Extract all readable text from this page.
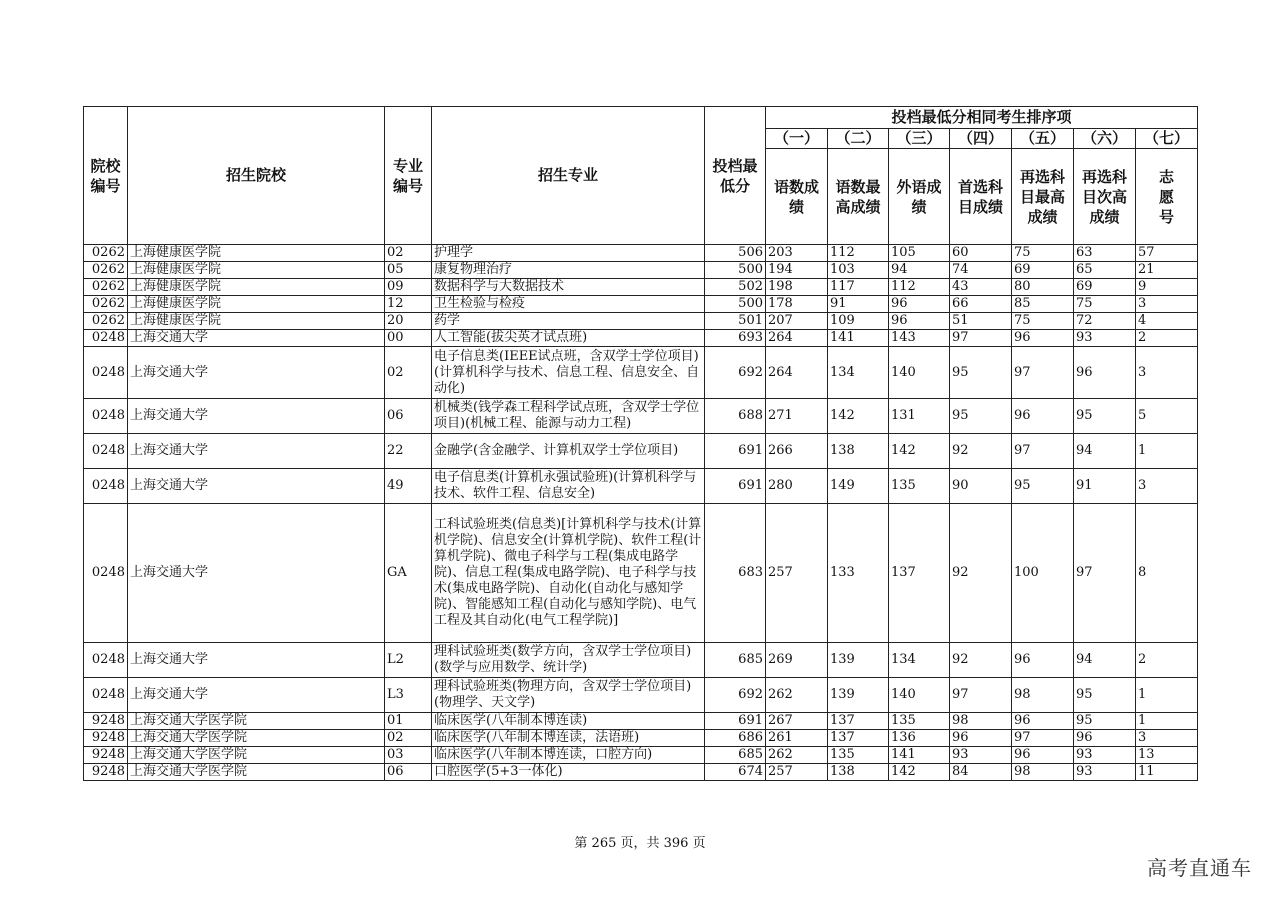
院校编号	招生院校	专业编号	招生专业	投档最低分	投档最低分相同考生排序项						
					（一）	（二）	（三）	（四）	（五）	（六）	（七）
					语数成绩	语数最高成绩	外语成绩	首选科目成绩	再选科目最高成绩	再选科目次高成绩	志愿号
0262	上海健康医学院	02	护理学	506	203	112	105	60	75	63	57
0262	上海健康医学院	05	康复物理治疗	500	194	103	94	74	69	65	21
0262	上海健康医学院	09	数据科学与大数据技术	502	198	117	112	43	80	69	9
0262	上海健康医学院	12	卫生检验与检疫	500	178	91	96	66	85	75	3
0262	上海健康医学院	20	药学	501	207	109	96	51	75	72	4
0248	上海交通大学	00	人工智能(拔尖英才试点班)	693	264	141	143	97	96	93	2
0248	上海交通大学	02	电子信息类(IEEE试点班，含双学士学位项目)(计算机科学与技术、信息工程、信息安全、自动化)	692	264	134	140	95	97	96	3
0248	上海交通大学	06	机械类(钱学森工程科学试点班，含双学士学位项目)(机械工程、能源与动力工程)	688	271	142	131	95	96	95	5
0248	上海交通大学	22	金融学(含金融学、计算机双学士学位项目)	691	266	138	142	92	97	94	1
0248	上海交通大学	49	电子信息类(计算机永强试验班)(计算机科学与技术、软件工程、信息安全)	691	280	149	135	90	95	91	3
0248	上海交通大学	GA	工科试验班类(信息类)[计算机科学与技术(计算机学院)、信息安全(计算机学院)、软件工程(计算机学院)、微电子科学与工程(集成电路学院)、信息工程(集成电路学院)、电子科学与技术(集成电路学院)、自动化(自动化与感知学院)、智能感知工程(自动化与感知学院)、电气工程及其自动化(电气工程学院)]	683	257	133	137	92	100	97	8
0248	上海交通大学	L2	理科试验班类(数学方向，含双学士学位项目)(数学与应用数学、统计学)	685	269	139	134	92	96	94	2
0248	上海交通大学	L3	理科试验班类(物理方向，含双学士学位项目)(物理学、天文学)	692	262	139	140	97	98	95	1
9248	上海交通大学医学院	01	临床医学(八年制本博连读)	691	267	137	135	98	96	95	1
9248	上海交通大学医学院	02	临床医学(八年制本博连读，法语班)	686	261	137	136	96	97	96	3
9248	上海交通大学医学院	03	临床医学(八年制本博连读，口腔方向)	685	262	135	141	93	96	93	13
9248	上海交通大学医学院	06	口腔医学(5+3一体化)	674	257	138	142	84	98	93	11
第 265 页，共 396 页
高考直通车
